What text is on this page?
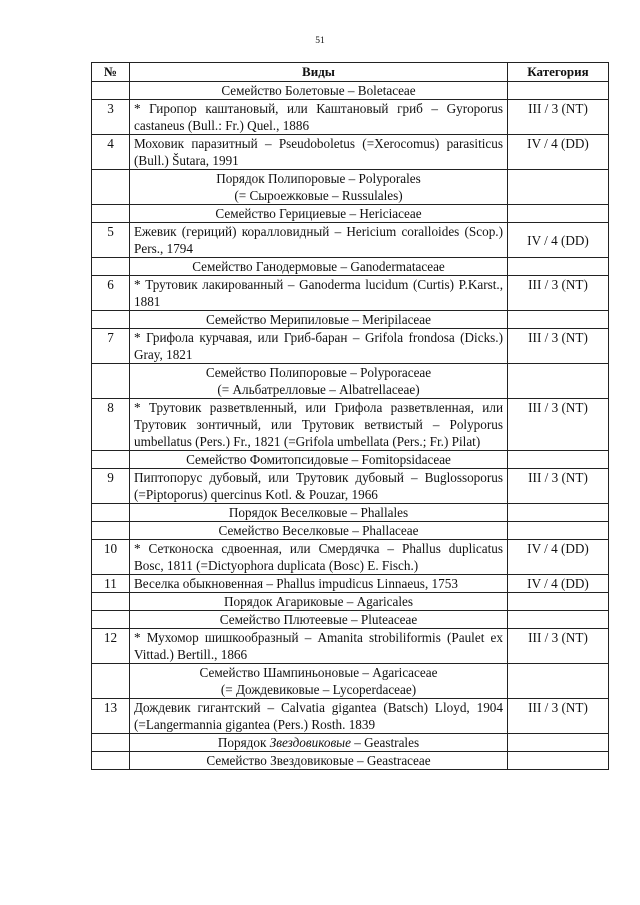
51
№	Виды	Категория

	Семейство Болетовые – Boletaceae	

3	* Гиропор каштановый, или Каштановый гриб – Gyroporus castaneus (Bull.: Fr.) Quel., 1886	III / 3 (NT)
4	Моховик паразитный – Pseudoboletus (=Xerocomus) parasiticus (Bull.) Šutara, 1991	IV / 4 (DD)

	Порядок Полипоровые – Polyporales
(= Сыроежковые – Russulales)	

	Семейство Герициевые – Hericiaceae	

5	Ежевик (гериций) коралловидный – Hericium coralloides (Scop.) Pers., 1794	IV / 4 (DD)

	Семейство Ганодермовые – Ganodermataceae	

6	* Трутовик лакированный – Ganoderma lucidum (Curtis) P.Karst., 1881	III / 3 (NT)

	Семейство Мерипиловые – Meripilaceae	

7	* Грифола курчавая, или Гриб-баран – Grifola frondosa (Dicks.) Gray, 1821	III / 3 (NT)

	Семейство Полипоровые – Polyporaceae
(= Альбатрелловые – Albatrellaceae)	

8	* Трутовик разветвленный, или Грифола разветвленная, или Трутовик зонтичный, или Трутовик ветвистый – Polyporus umbellatus (Pers.) Fr., 1821 (=Grifola umbellata (Pers.; Fr.) Pilat)	III / 3 (NT)

	Семейство Фомитопсидовые – Fomitopsidaceae	

9	Пиптопорус дубовый, или Трутовик дубовый – Buglossoporus (=Piptoporus) quercinus Kotl. & Pouzar, 1966	III / 3 (NT)

	Порядок Веселковые – Phallales	

	Семейство Веселковые – Phallaceae	

10	* Сетконоска сдвоенная, или Смердячка – Phallus duplicatus Bosc, 1811 (=Dictyophora duplicata (Bosc) E. Fisch.)	IV / 4 (DD)
11	Веселка обыкновенная – Phallus impudicus Linnaeus, 1753	IV / 4 (DD)

	Порядок Агариковые – Agaricales	

	Семейство Плютеевые – Pluteaceae	

12	* Мухомор шишкообразный – Amanita strobiliformis (Paulet ex Vittad.) Bertill., 1866	III / 3 (NT)

	Семейство Шампиньоновые – Agaricaceae
(= Дождевиковые – Lycoperdaceae)	

13	Дождевик гигантский – Calvatia gigantea (Batsch) Lloyd, 1904 (=Langermannia gigantea (Pers.) Rosth. 1839	III / 3 (NT)

	Порядок Звездовиковые – Geastrales	

	Семейство Звездовиковые – Geastraceae	
